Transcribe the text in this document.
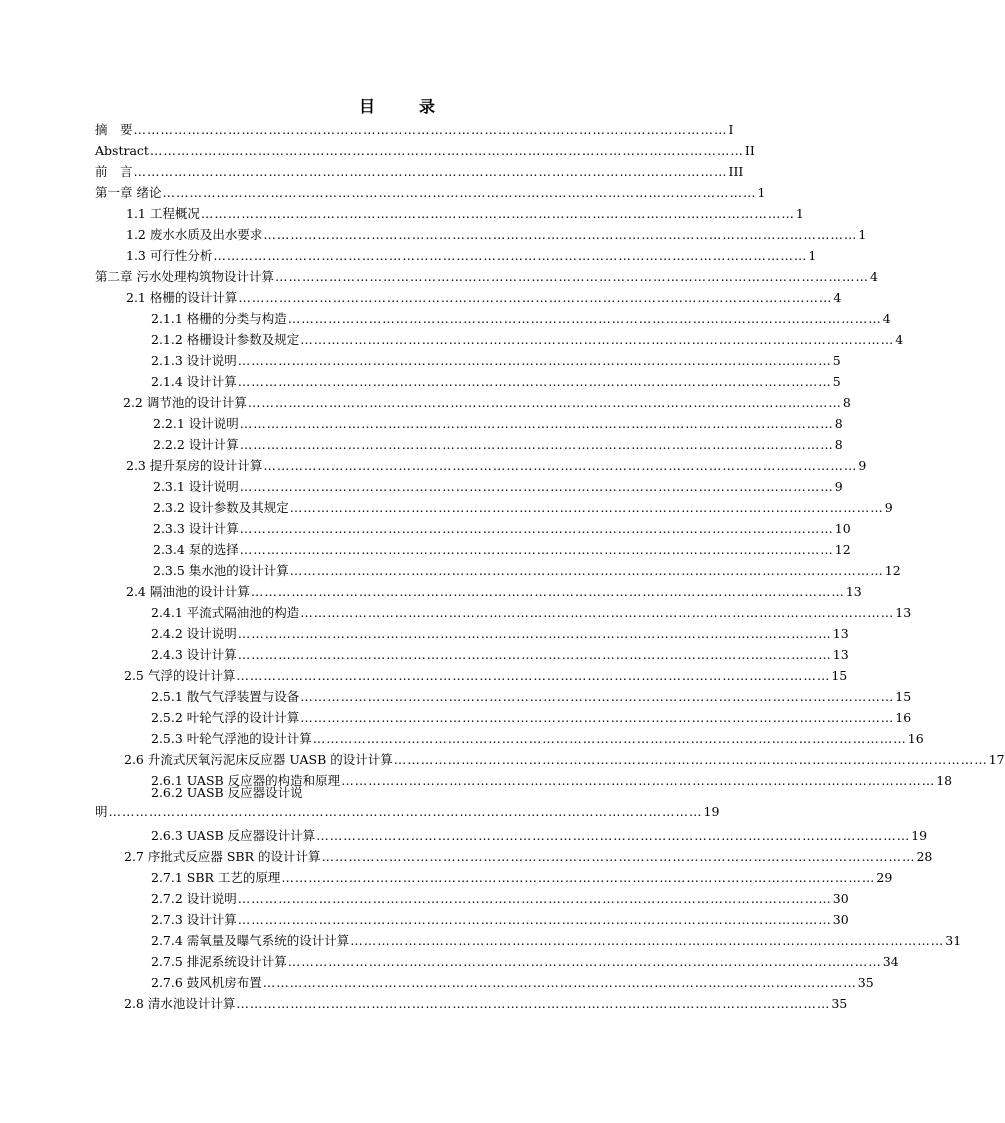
目　录
摘　要 …………………………………………………………………………………………………………………… I
Abstract …………………………………………………………………………………………………………………… II
前　言 …………………………………………………………………………………………………………………… III
第一章 绪论 …………………………………………………………………………………………………………………… 1
1.1 工程概况 …………………………………………………………………………………………………………………… 1
1.2 废水水质及出水要求 …………………………………………………………………………………………………………………… 1
1.3 可行性分析 …………………………………………………………………………………………………………………… 1
第二章 污水处理构筑物设计计算 …………………………………………………………………………………………………………………… 4
2.1 格栅的设计计算 …………………………………………………………………………………………………………………… 4
2.1.1 格栅的分类与构造 …………………………………………………………………………………………………………………… 4
2.1.2 格栅设计参数及规定 …………………………………………………………………………………………………………………… 4
2.1.3 设计说明 …………………………………………………………………………………………………………………… 5
2.1.4 设计计算 …………………………………………………………………………………………………………………… 5
2.2 调节池的设计计算 …………………………………………………………………………………………………………………… 8
2.2.1 设计说明 …………………………………………………………………………………………………………………… 8
2.2.2 设计计算 …………………………………………………………………………………………………………………… 8
2.3 提升泵房的设计计算 …………………………………………………………………………………………………………………… 9
2.3.1 设计说明 …………………………………………………………………………………………………………………… 9
2.3.2 设计参数及其规定 …………………………………………………………………………………………………………………… 9
2.3.3 设计计算 …………………………………………………………………………………………………………………… 10
2.3.4 泵的选择 …………………………………………………………………………………………………………………… 12
2.3.5 集水池的设计计算 …………………………………………………………………………………………………………………… 12
2.4 隔油池的设计计算 …………………………………………………………………………………………………………………… 13
2.4.1 平流式隔油池的构造 …………………………………………………………………………………………………………………… 13
2.4.2 设计说明 …………………………………………………………………………………………………………………… 13
2.4.3 设计计算 …………………………………………………………………………………………………………………… 13
2.5 气浮的设计计算 …………………………………………………………………………………………………………………… 15
2.5.1 散气气浮装置与设备 …………………………………………………………………………………………………………………… 15
2.5.2 叶轮气浮的设计计算 …………………………………………………………………………………………………………………… 16
2.5.3 叶轮气浮池的设计计算 …………………………………………………………………………………………………………………… 16
2.6 升流式厌氧污泥床反应器 UASB 的设计计算 …………………………………………………………………………………………………………………… 17
2.6.1 UASB 反应器的构造和原理 …………………………………………………………………………………………………………………… 18
2.6.2 UASB 反应器设计说
明 …………………………………………………………………………………………………………………… 19
2.6.3 UASB 反应器设计计算 …………………………………………………………………………………………………………………… 19
2.7 序批式反应器 SBR 的设计计算 …………………………………………………………………………………………………………………… 28
2.7.1 SBR 工艺的原理 …………………………………………………………………………………………………………………… 29
2.7.2 设计说明 …………………………………………………………………………………………………………………… 30
2.7.3 设计计算 …………………………………………………………………………………………………………………… 30
2.7.4 需氧量及曝气系统的设计计算 …………………………………………………………………………………………………………………… 31
2.7.5 排泥系统设计计算 …………………………………………………………………………………………………………………… 34
2.7.6 鼓风机房布置 …………………………………………………………………………………………………………………… 35
2.8 清水池设计计算 …………………………………………………………………………………………………………………… 35
